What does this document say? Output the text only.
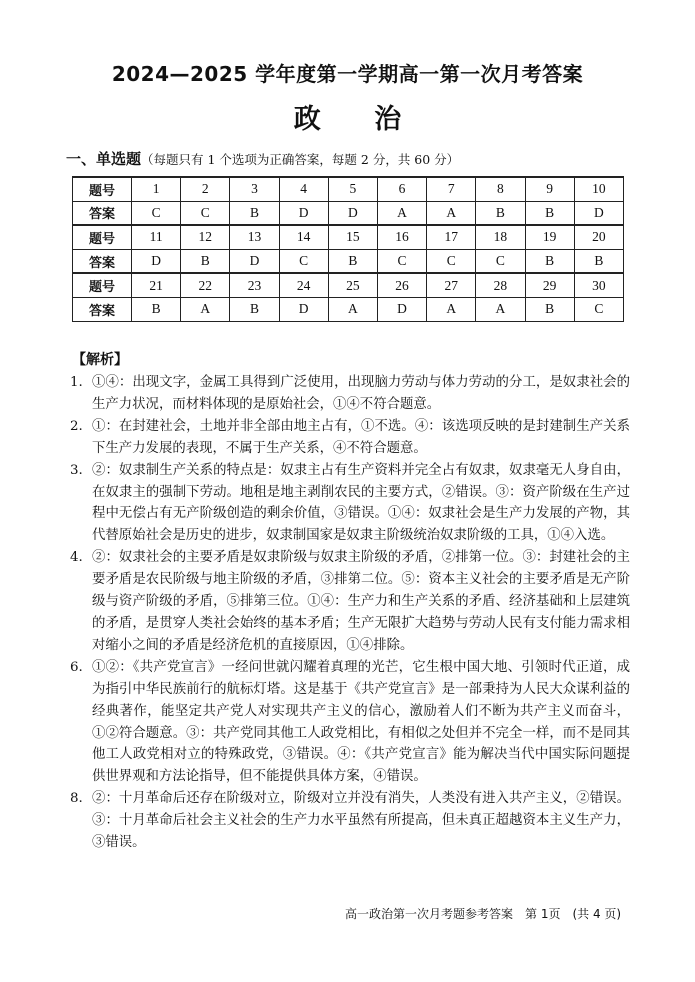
2024—2025 学年度第一学期高一第一次月考答案
政 治
一、单选题（每题只有 1 个选项为正确答案，每题 2 分，共 60 分）
题号	1	2	3	4	5	6	7	8	9	10
答案	C	C	B	D	D	A	A	B	B	D
题号	11	12	13	14	15	16	17	18	19	20
答案	D	B	D	C	B	C	C	C	B	B
题号	21	22	23	24	25	26	27	28	29	30
答案	B	A	B	D	A	D	A	A	B	C
【解析】
1. ①④：出现文字，金属工具得到广泛使用，出现脑力劳动与体力劳动的分工，是奴隶社会的生产力状况，而材料体现的是原始社会，①④不符合题意。
2. ①：在封建社会，土地并非全部由地主占有，①不选。④：该选项反映的是封建制生产关系下生产力发展的表现，不属于生产关系，④不符合题意。
3. ②：奴隶制生产关系的特点是：奴隶主占有生产资料并完全占有奴隶，奴隶毫无人身自由，在奴隶主的强制下劳动。地租是地主剥削农民的主要方式，②错误。③：资产阶级在生产过程中无偿占有无产阶级创造的剩余价值，③错误。①④：奴隶社会是生产力发展的产物，其代替原始社会是历史的进步，奴隶制国家是奴隶主阶级统治奴隶阶级的工具，①④入选。
4. ②：奴隶社会的主要矛盾是奴隶阶级与奴隶主阶级的矛盾，②排第一位。③：封建社会的主要矛盾是农民阶级与地主阶级的矛盾，③排第二位。⑤：资本主义社会的主要矛盾是无产阶级与资产阶级的矛盾，⑤排第三位。①④：生产力和生产关系的矛盾、经济基础和上层建筑的矛盾，是贯穿人类社会始终的基本矛盾；生产无限扩大趋势与劳动人民有支付能力需求相对缩小之间的矛盾是经济危机的直接原因，①④排除。
6. ①②：《共产党宣言》一经问世就闪耀着真理的光芒，它生根中国大地、引领时代正道，成为指引中华民族前行的航标灯塔。这是基于《共产党宣言》是一部秉持为人民大众谋利益的经典著作，能坚定共产党人对实现共产主义的信心，激励着人们不断为共产主义而奋斗，①②符合题意。③：共产党同其他工人政党相比，有相似之处但并不完全一样，而不是同其他工人政党相对立的特殊政党，③错误。④：《共产党宣言》能为解决当代中国实际问题提供世界观和方法论指导，但不能提供具体方案，④错误。
8. ②：十月革命后还存在阶级对立，阶级对立并没有消失，人类没有进入共产主义，②错误。③：十月革命后社会主义社会的生产力水平虽然有所提高，但未真正超越资本主义生产力，③错误。
高一政治第一次月考题参考答案　第 1页　(共 4 页)
